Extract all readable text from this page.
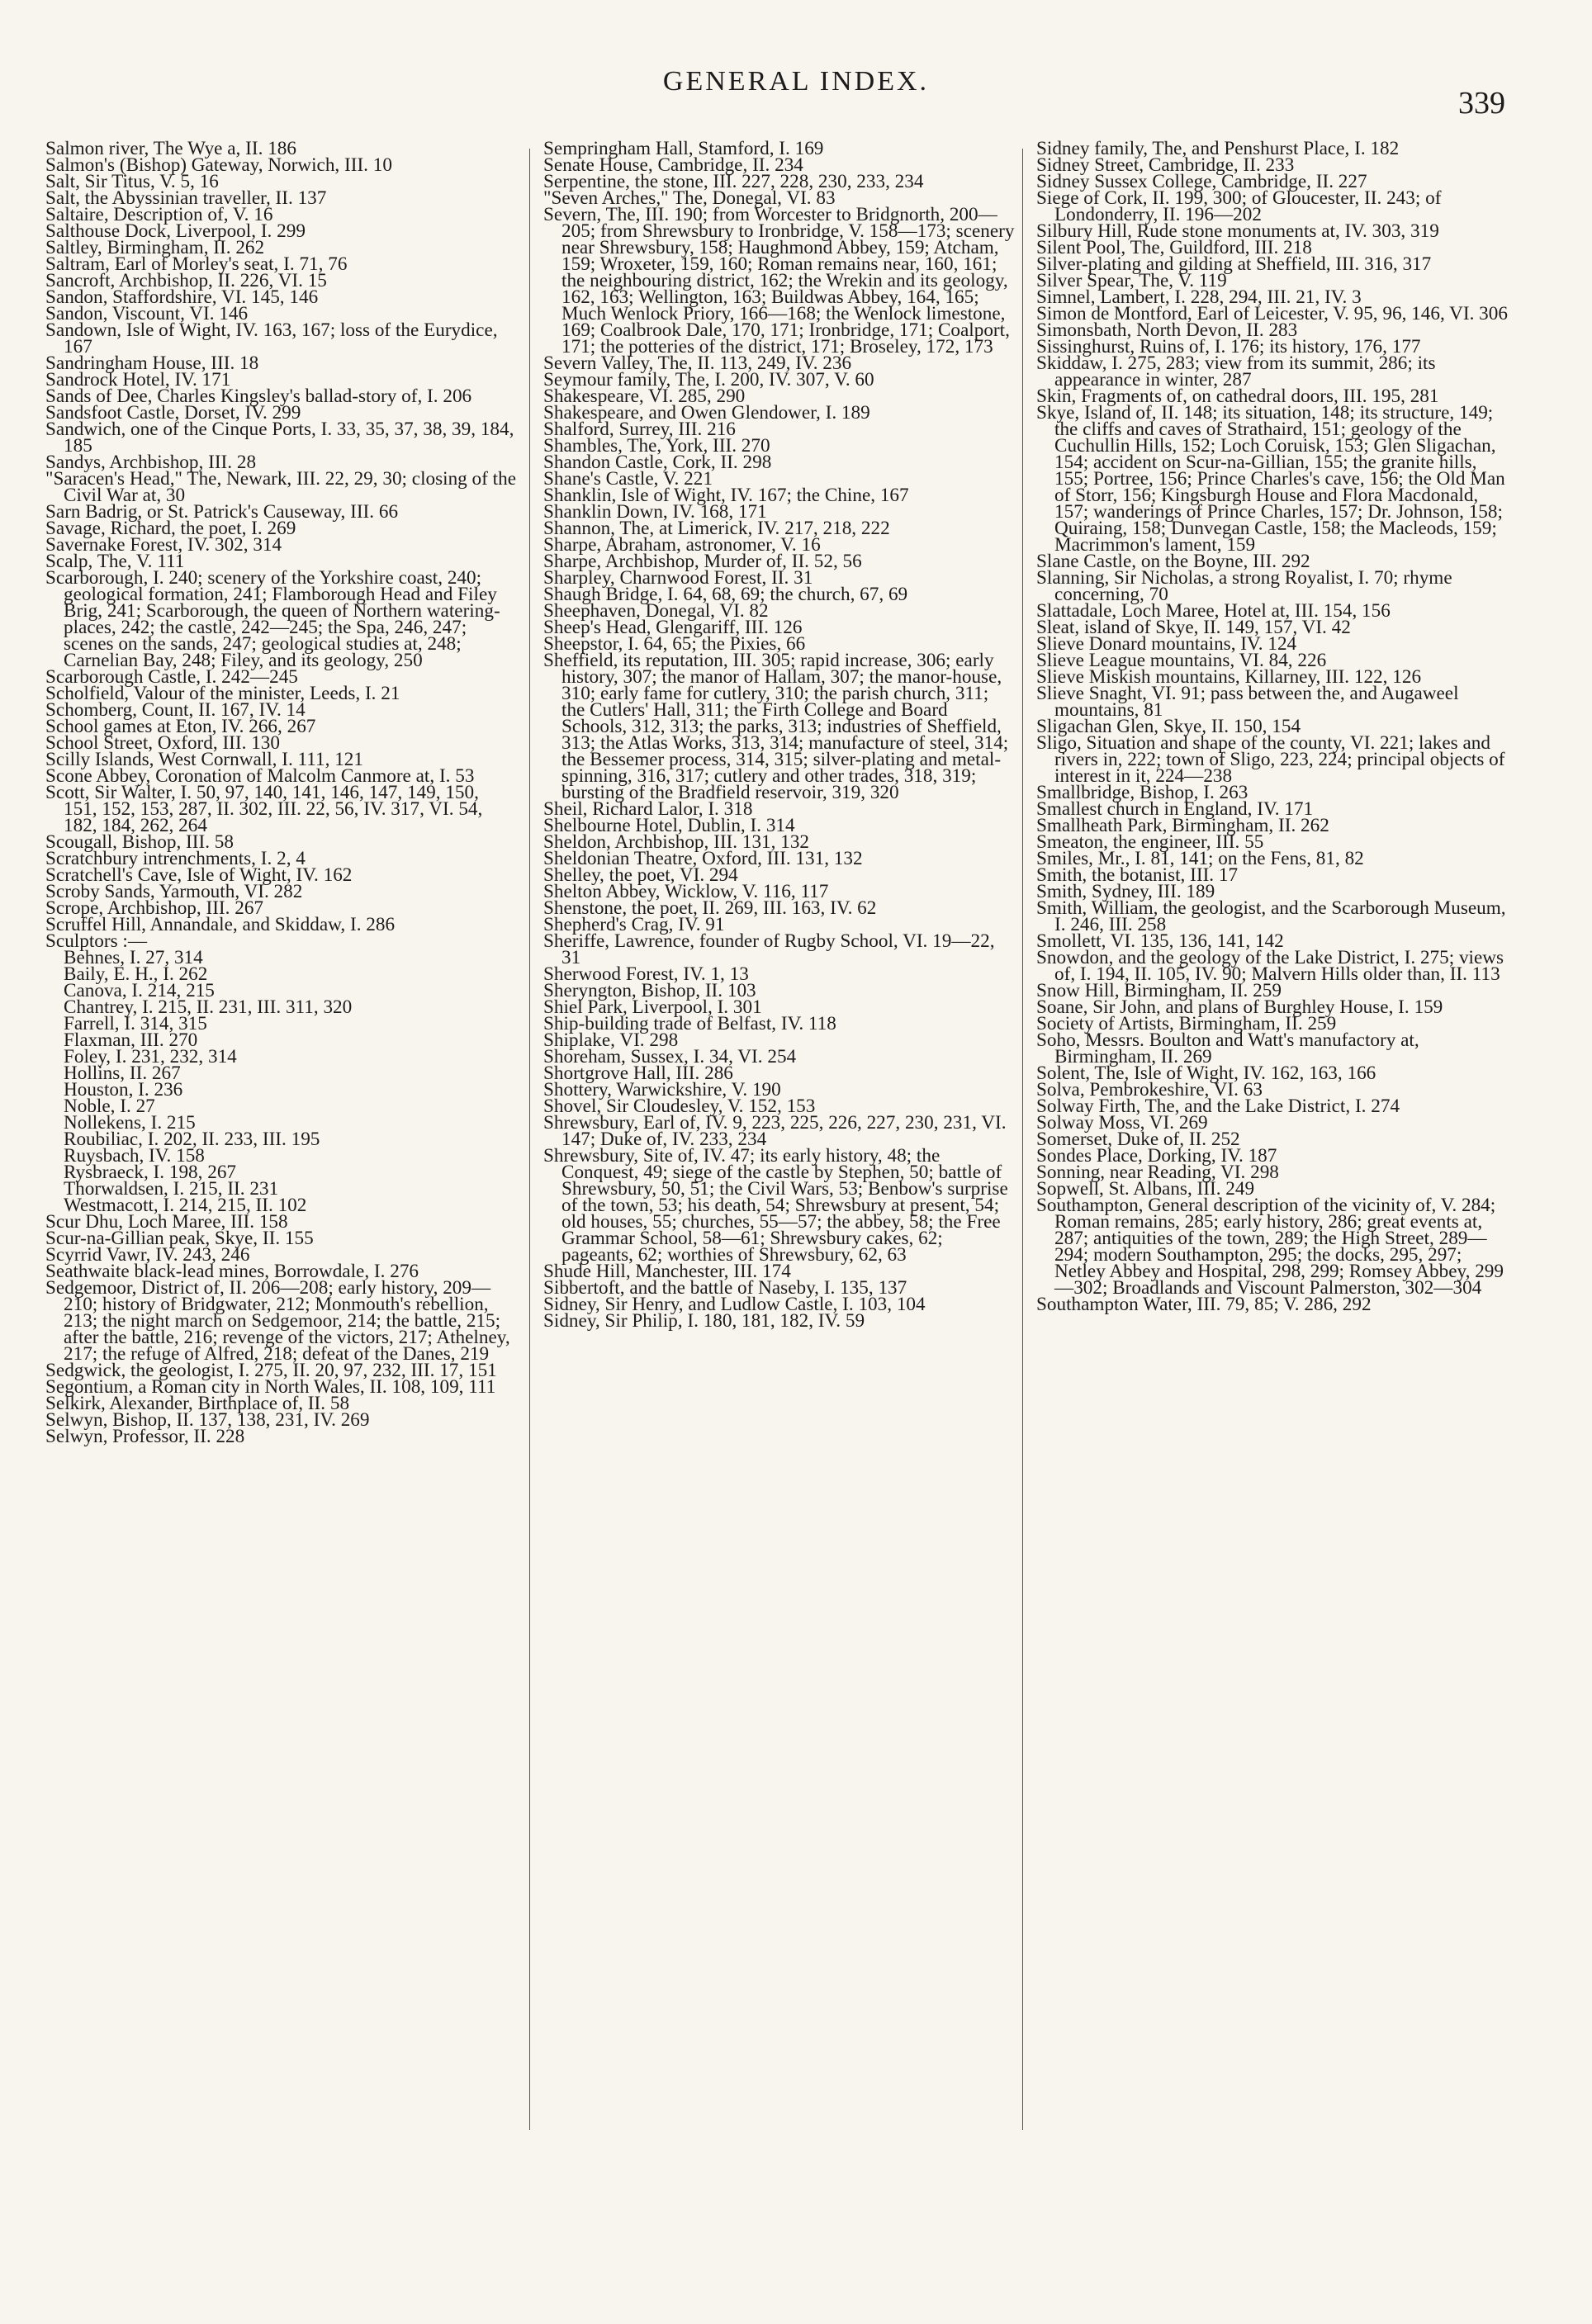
GENERAL INDEX.
339

Salmon river, The Wye a, II. 186

Salmon's (Bishop) Gateway, Norwich, III. 10

Salt, Sir Titus, V. 5, 16

Salt, the Abyssinian traveller, II. 137

Saltaire, Description of, V. 16

Salthouse Dock, Liverpool, I. 299

Saltley, Birmingham, II. 262

Saltram, Earl of Morley's seat, I. 71, 76

Sancroft, Archbishop, II. 226, VI. 15

Sandon, Staffordshire, VI. 145, 146

Sandon, Viscount, VI. 146

Sandown, Isle of Wight, IV. 163, 167; loss of the Eurydice, 167

Sandringham House, III. 18

Sandrock Hotel, IV. 171

Sands of Dee, Charles Kingsley's ballad-story of, I. 206

Sandsfoot Castle, Dorset, IV. 299

Sandwich, one of the Cinque Ports, I. 33, 35, 37, 38, 39, 184, 185

Sandys, Archbishop, III. 28

"Saracen's Head," The, Newark, III. 22, 29, 30; closing of the Civil War at, 30

Sarn Badrig, or St. Patrick's Causeway, III. 66

Savage, Richard, the poet, I. 269

Savernake Forest, IV. 302, 314

Scalp, The, V. 111

Scarborough, I. 240; scenery of the Yorkshire coast, 240; geological formation, 241; Flamborough Head and Filey Brig, 241; Scarborough, the queen of Northern watering-places, 242; the castle, 242—245; the Spa, 246, 247; scenes on the sands, 247; geological studies at, 248; Carnelian Bay, 248; Filey, and its geology, 250

Scarborough Castle, I. 242—245

Scholfield, Valour of the minister, Leeds, I. 21

Schomberg, Count, II. 167, IV. 14

School games at Eton, IV. 266, 267

School Street, Oxford, III. 130

Scilly Islands, West Cornwall, I. 111, 121

Scone Abbey, Coronation of Malcolm Canmore at, I. 53

Scott, Sir Walter, I. 50, 97, 140, 141, 146, 147, 149, 150, 151, 152, 153, 287, II. 302, III. 22, 56, IV. 317, VI. 54, 182, 184, 262, 264

Scougall, Bishop, III. 58

Scratchbury intrenchments, I. 2, 4

Scratchell's Cave, Isle of Wight, IV. 162

Scroby Sands, Yarmouth, VI. 282

Scrope, Archbishop, III. 267

Scruffel Hill, Annandale, and Skiddaw, I. 286

Sculptors :—

Behnes, I. 27, 314

Baily, E. H., I. 262

Canova, I. 214, 215

Chantrey, I. 215, II. 231, III. 311, 320

Farrell, I. 314, 315

Flaxman, III. 270

Foley, I. 231, 232, 314

Hollins, II. 267

Houston, I. 236

Noble, I. 27

Nollekens, I. 215

Roubiliac, I. 202, II. 233, III. 195

Ruysbach, IV. 158

Rysbraeck, I. 198, 267

Thorwaldsen, I. 215, II. 231

Westmacott, I. 214, 215, II. 102

Scur Dhu, Loch Maree, III. 158

Scur-na-Gillian peak, Skye, II. 155

Scyrrid Vawr, IV. 243, 246

Seathwaite black-lead mines, Borrowdale, I. 276

Sedgemoor, District of, II. 206—208; early history, 209—210; history of Bridgwater, 212; Monmouth's rebellion, 213; the night march on Sedgemoor, 214; the battle, 215; after the battle, 216; revenge of the victors, 217; Athelney, 217; the refuge of Alfred, 218; defeat of the Danes, 219

Sedgwick, the geologist, I. 275, II. 20, 97, 232, III. 17, 151

Segontium, a Roman city in North Wales, II. 108, 109, 111

Selkirk, Alexander, Birthplace of, II. 58

Selwyn, Bishop, II. 137, 138, 231, IV. 269

Selwyn, Professor, II. 228

Sempringham Hall, Stamford, I. 169

Senate House, Cambridge, II. 234

Serpentine, the stone, III. 227, 228, 230, 233, 234

"Seven Arches," The, Donegal, VI. 83

Severn, The, III. 190; from Worcester to Bridgnorth, 200—205; from Shrewsbury to Ironbridge, V. 158—173; scenery near Shrewsbury, 158; Haughmond Abbey, 159; Atcham, 159; Wroxeter, 159, 160; Roman remains near, 160, 161; the neighbouring district, 162; the Wrekin and its geology, 162, 163; Wellington, 163; Buildwas Abbey, 164, 165; Much Wenlock Priory, 166—168; the Wenlock limestone, 169; Coalbrook Dale, 170, 171; Ironbridge, 171; Coalport, 171; the potteries of the district, 171; Broseley, 172, 173

Severn Valley, The, II. 113, 249, IV. 236

Seymour family, The, I. 200, IV. 307, V. 60

Shakespeare, VI. 285, 290

Shakespeare, and Owen Glendower, I. 189

Shalford, Surrey, III. 216

Shambles, The, York, III. 270

Shandon Castle, Cork, II. 298

Shane's Castle, V. 221

Shanklin, Isle of Wight, IV. 167; the Chine, 167

Shanklin Down, IV. 168, 171

Shannon, The, at Limerick, IV. 217, 218, 222

Sharpe, Abraham, astronomer, V. 16

Sharpe, Archbishop, Murder of, II. 52, 56

Sharpley, Charnwood Forest, II. 31

Shaugh Bridge, I. 64, 68, 69; the church, 67, 69

Sheephaven, Donegal, VI. 82

Sheep's Head, Glengariff, III. 126

Sheepstor, I. 64, 65; the Pixies, 66

Sheffield, its reputation, III. 305; rapid increase, 306; early history, 307; the manor of Hallam, 307; the manor-house, 310; early fame for cutlery, 310; the parish church, 311; the Cutlers' Hall, 311; the Firth College and Board Schools, 312, 313; the parks, 313; industries of Sheffield, 313; the Atlas Works, 313, 314; manufacture of steel, 314; the Bessemer process, 314, 315; silver-plating and metal-spinning, 316, 317; cutlery and other trades, 318, 319; bursting of the Bradfield reservoir, 319, 320

Sheil, Richard Lalor, I. 318

Shelbourne Hotel, Dublin, I. 314

Sheldon, Archbishop, III. 131, 132

Sheldonian Theatre, Oxford, III. 131, 132

Shelley, the poet, VI. 294

Shelton Abbey, Wicklow, V. 116, 117

Shenstone, the poet, II. 269, III. 163, IV. 62

Shepherd's Crag, IV. 91

Sheriffe, Lawrence, founder of Rugby School, VI. 19—22, 31

Sherwood Forest, IV. 1, 13

Sheryngton, Bishop, II. 103

Shiel Park, Liverpool, I. 301

Ship-building trade of Belfast, IV. 118

Shiplake, VI. 298

Shoreham, Sussex, I. 34, VI. 254

Shortgrove Hall, III. 286

Shottery, Warwickshire, V. 190

Shovel, Sir Cloudesley, V. 152, 153

Shrewsbury, Earl of, IV. 9, 223, 225, 226, 227, 230, 231, VI. 147; Duke of, IV. 233, 234

Shrewsbury, Site of, IV. 47; its early history, 48; the Conquest, 49; siege of the castle by Stephen, 50; battle of Shrewsbury, 50, 51; the Civil Wars, 53; Benbow's surprise of the town, 53; his death, 54; Shrewsbury at present, 54; old houses, 55; churches, 55—57; the abbey, 58; the Free Grammar School, 58—61; Shrewsbury cakes, 62; pageants, 62; worthies of Shrewsbury, 62, 63

Shude Hill, Manchester, III. 174

Sibbertoft, and the battle of Naseby, I. 135, 137

Sidney, Sir Henry, and Ludlow Castle, I. 103, 104

Sidney, Sir Philip, I. 180, 181, 182, IV. 59

Sidney family, The, and Penshurst Place, I. 182

Sidney Street, Cambridge, II. 233

Sidney Sussex College, Cambridge, II. 227

Siege of Cork, II. 199, 300; of Gloucester, II. 243; of Londonderry, II. 196—202

Silbury Hill, Rude stone monuments at, IV. 303, 319

Silent Pool, The, Guildford, III. 218

Silver-plating and gilding at Sheffield, III. 316, 317

Silver Spear, The, V. 119

Simnel, Lambert, I. 228, 294, III. 21, IV. 3

Simon de Montford, Earl of Leicester, V. 95, 96, 146, VI. 306

Simonsbath, North Devon, II. 283

Sissinghurst, Ruins of, I. 176; its history, 176, 177

Skiddaw, I. 275, 283; view from its summit, 286; its appearance in winter, 287

Skin, Fragments of, on cathedral doors, III. 195, 281

Skye, Island of, II. 148; its situation, 148; its structure, 149; the cliffs and caves of Strathaird, 151; geology of the Cuchullin Hills, 152; Loch Coruisk, 153; Glen Sligachan, 154; accident on Scur-na-Gillian, 155; the granite hills, 155; Portree, 156; Prince Charles's cave, 156; the Old Man of Storr, 156; Kingsburgh House and Flora Macdonald, 157; wanderings of Prince Charles, 157; Dr. Johnson, 158; Quiraing, 158; Dunvegan Castle, 158; the Macleods, 159; Macrimmon's lament, 159

Slane Castle, on the Boyne, III. 292

Slanning, Sir Nicholas, a strong Royalist, I. 70; rhyme concerning, 70

Slattadale, Loch Maree, Hotel at, III. 154, 156

Sleat, island of Skye, II. 149, 157, VI. 42

Slieve Donard mountains, IV. 124

Slieve League mountains, VI. 84, 226

Slieve Miskish mountains, Killarney, III. 122, 126

Slieve Snaght, VI. 91; pass between the, and Augaweel mountains, 81

Sligachan Glen, Skye, II. 150, 154

Sligo, Situation and shape of the county, VI. 221; lakes and rivers in, 222; town of Sligo, 223, 224; principal objects of interest in it, 224—238

Smallbridge, Bishop, I. 263

Smallest church in England, IV. 171

Smallheath Park, Birmingham, II. 262

Smeaton, the engineer, III. 55

Smiles, Mr., I. 81, 141; on the Fens, 81, 82

Smith, the botanist, III. 17

Smith, Sydney, III. 189

Smith, William, the geologist, and the Scarborough Museum, I. 246, III. 258

Smollett, VI. 135, 136, 141, 142

Snowdon, and the geology of the Lake District, I. 275; views of, I. 194, II. 105, IV. 90; Malvern Hills older than, II. 113

Snow Hill, Birmingham, II. 259

Soane, Sir John, and plans of Burghley House, I. 159

Society of Artists, Birmingham, II. 259

Soho, Messrs. Boulton and Watt's manufactory at, Birmingham, II. 269

Solent, The, Isle of Wight, IV. 162, 163, 166

Solva, Pembrokeshire, VI. 63

Solway Firth, The, and the Lake District, I. 274

Solway Moss, VI. 269

Somerset, Duke of, II. 252

Sondes Place, Dorking, IV. 187

Sonning, near Reading, VI. 298

Sopwell, St. Albans, III. 249

Southampton, General description of the vicinity of, V. 284; Roman remains, 285; early history, 286; great events at, 287; antiquities of the town, 289; the High Street, 289—294; modern Southampton, 295; the docks, 295, 297; Netley Abbey and Hospital, 298, 299; Romsey Abbey, 299—302; Broadlands and Viscount Palmerston, 302—304

Southampton Water, III. 79, 85; V. 286, 292
